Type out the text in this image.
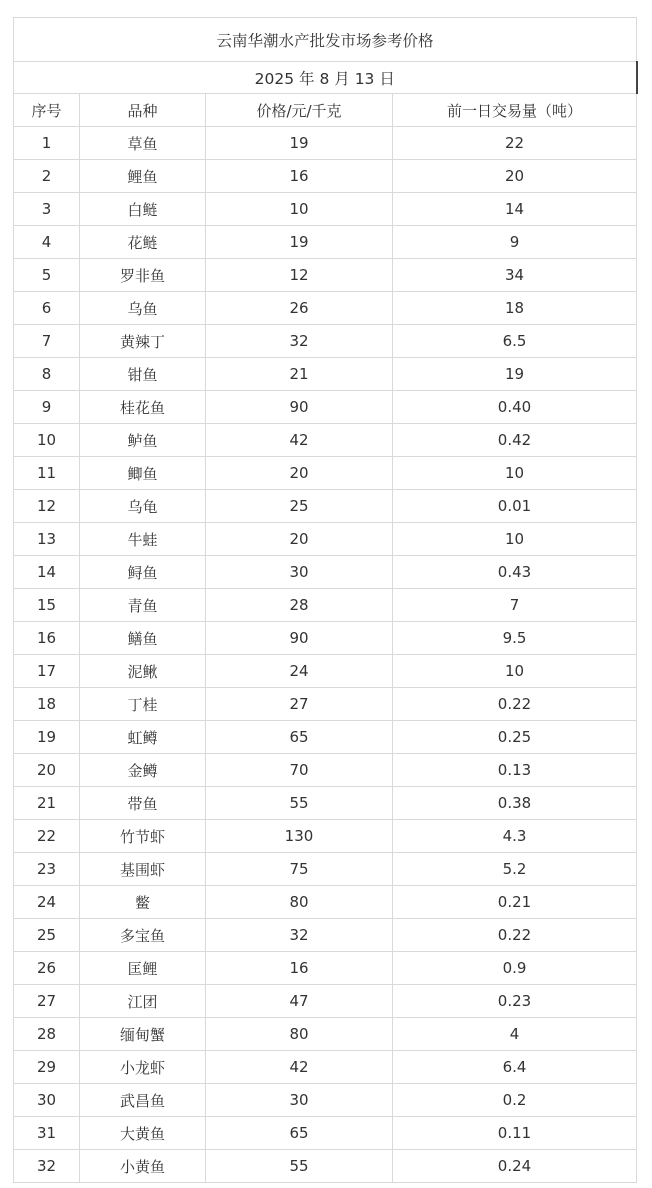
云南华潮水产批发市场参考价格			
2025 年 8 月 13 日			
序号	品种	价格/元/千克	前一日交易量（吨）
1	草鱼	19	22
2	鲤鱼	16	20
3	白鲢	10	14
4	花鲢	19	9
5	罗非鱼	12	34
6	乌鱼	26	18
7	黄辣丁	32	6.5
8	钳鱼	21	19
9	桂花鱼	90	0.40
10	鲈鱼	42	0.42
11	鲫鱼	20	10
12	乌龟	25	0.01
13	牛蛙	20	10
14	鲟鱼	30	0.43
15	青鱼	28	7
16	鳝鱼	90	9.5
17	泥鳅	24	10
18	丁桂	27	0.22
19	虹鳟	65	0.25
20	金鳟	70	0.13
21	带鱼	55	0.38
22	竹节虾	130	4.3
23	基围虾	75	5.2
24	鳖	80	0.21
25	多宝鱼	32	0.22
26	匡鲤	16	0.9
27	江团	47	0.23
28	缅甸蟹	80	4
29	小龙虾	42	6.4
30	武昌鱼	30	0.2
31	大黄鱼	65	0.11
32	小黄鱼	55	0.24
